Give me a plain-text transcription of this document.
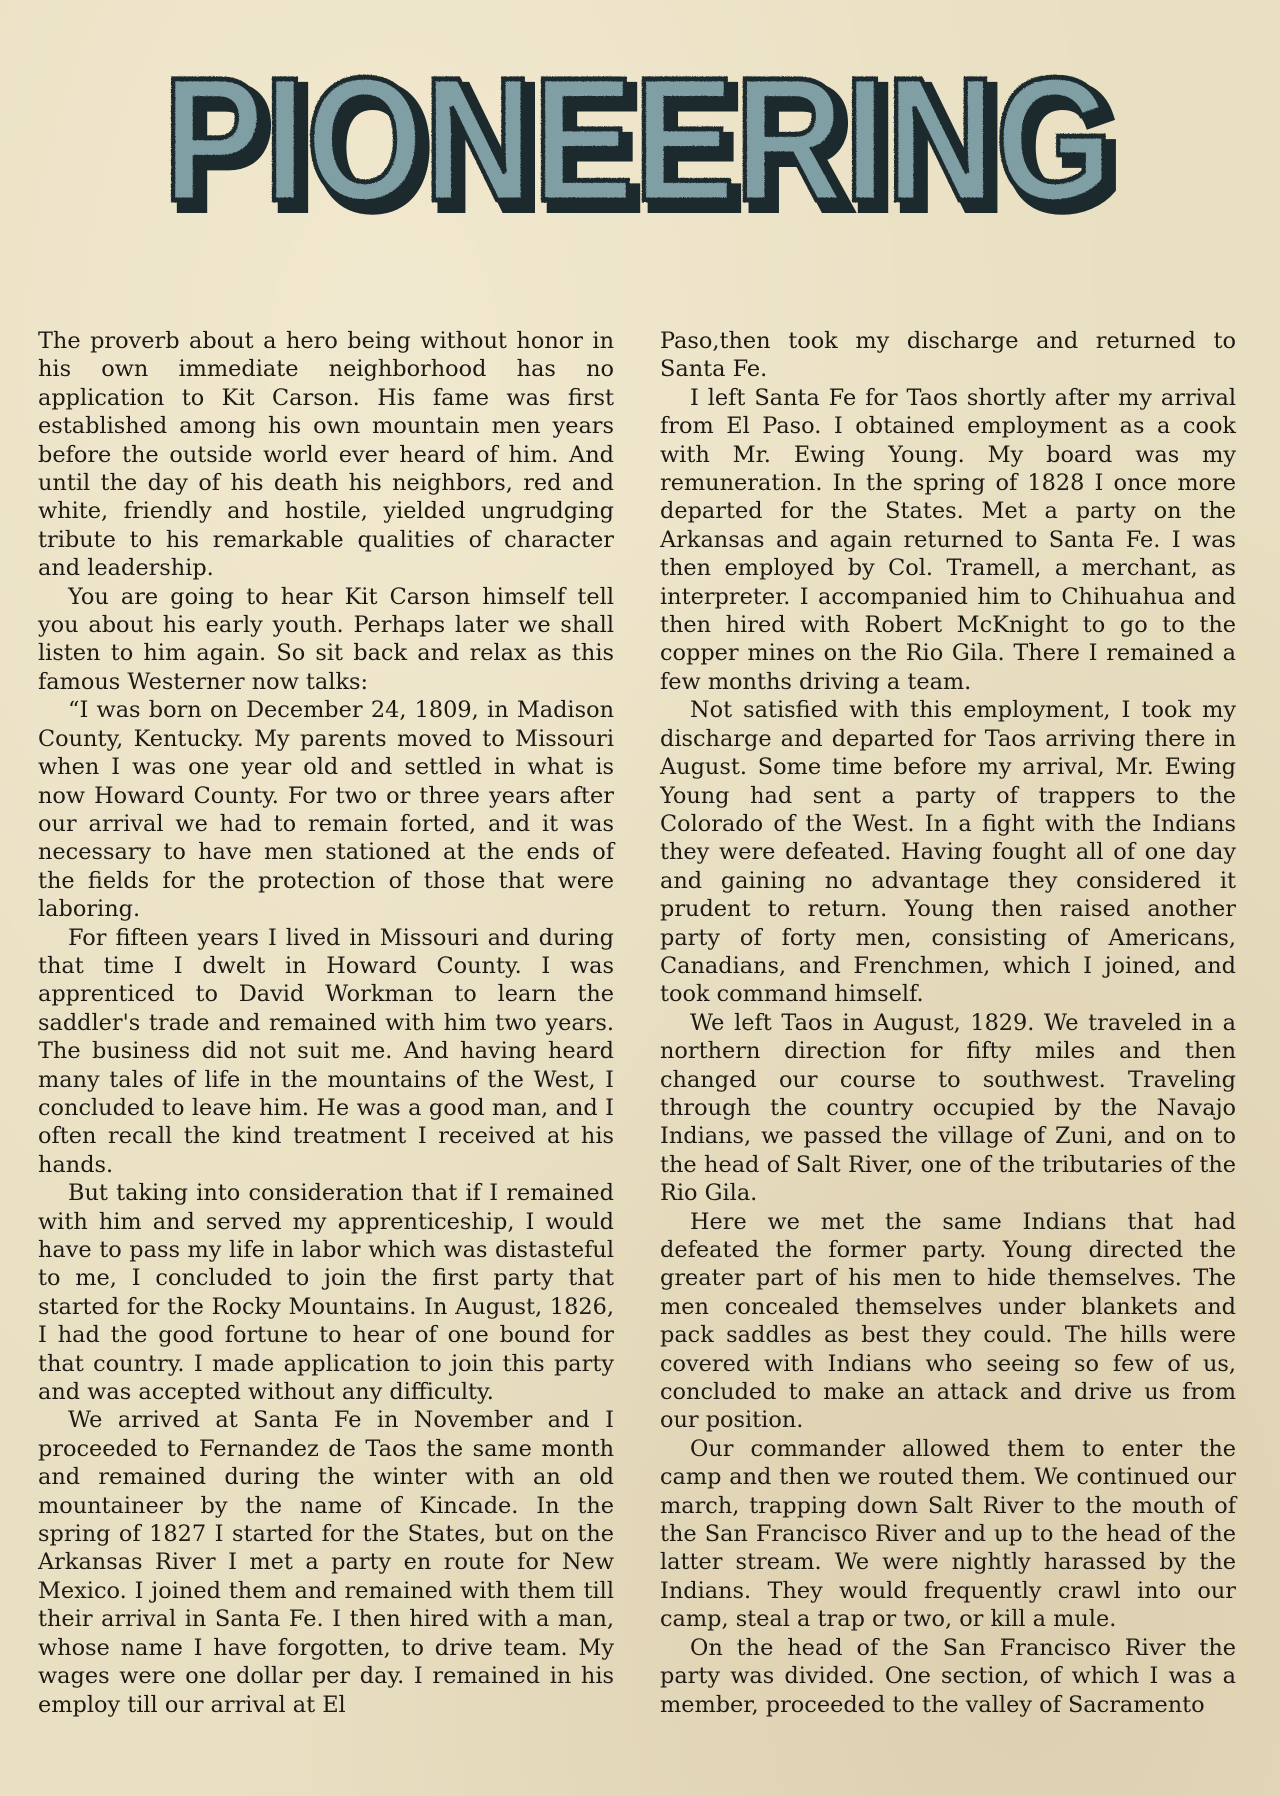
PIONEERING
PIONEERING

The proverb about a hero being without honor in his own immediate neighborhood has no application to Kit Carson. His fame was first established among his own mountain men years before the outside world ever heard of him. And until the day of his death his neighbors, red and white, friendly and hostile, yielded ungrudging tribute to his remarkable qualities of character and leadership.

You are going to hear Kit Carson himself tell you about his early youth. Perhaps later we shall listen to him again. So sit back and relax as this famous Westerner now talks:

“I was born on December 24, 1809, in Madison County, Kentucky. My parents moved to Missouri when I was one year old and settled in what is now Howard County. For two or three years after our arrival we had to remain forted, and it was necessary to have men stationed at the ends of the fields for the protection of those that were laboring.

For fifteen years I lived in Missouri and during that time I dwelt in Howard County. I was apprenticed to David Workman to learn the saddler's trade and remained with him two years. The business did not suit me. And having heard many tales of life in the mountains of the West, I concluded to leave him. He was a good man, and I often recall the kind treatment I received at his hands.

But taking into consideration that if I remained with him and served my apprenticeship, I would have to pass my life in labor which was distasteful to me, I concluded to join the first party that started for the Rocky Mountains. In August, 1826, I had the good fortune to hear of one bound for that country. I made application to join this party and was accepted without any difficulty.

We arrived at Santa Fe in November and I proceeded to Fernandez de Taos the same month and remained during the winter with an old mountaineer by the name of Kincade. In the spring of 1827 I started for the States, but on the Arkansas River I met a party en route for New Mexico. I joined them and remained with them till their arrival in Santa Fe. I then hired with a man, whose name I have forgotten, to drive team. My wages were one dollar per day. I remained in his employ till our arrival at El

Paso,then took my discharge and returned to Santa Fe.

I left Santa Fe for Taos shortly after my arrival from El Paso. I obtained employment as a cook with Mr. Ewing Young. My board was my remuneration. In the spring of 1828 I once more departed for the States. Met a party on the Arkansas and again returned to Santa Fe. I was then employed by Col. Tramell, a merchant, as interpreter. I accompanied him to Chihuahua and then hired with Robert McKnight to go to the copper mines on the Rio Gila. There I remained a few months driving a team.

Not satisfied with this employment, I took my discharge and departed for Taos arriving there in August. Some time before my arrival, Mr. Ewing Young had sent a party of trappers to the Colorado of the West. In a fight with the Indians they were defeated. Having fought all of one day and gaining no advantage they considered it prudent to return. Young then raised another party of forty men, consisting of Americans, Canadians, and Frenchmen, which I joined, and took command himself.

We left Taos in August, 1829. We traveled in a northern direction for fifty miles and then changed our course to southwest. Traveling through the country occupied by the Navajo Indians, we passed the village of Zuni, and on to the head of Salt River, one of the tributaries of the Rio Gila.

Here we met the same Indians that had defeated the former party. Young directed the greater part of his men to hide themselves. The men concealed themselves under blankets and pack saddles as best they could. The hills were covered with Indians who seeing so few of us, concluded to make an attack and drive us from our position.

Our commander allowed them to enter the camp and then we routed them. We continued our march, trapping down Salt River to the mouth of the San Francisco River and up to the head of the latter stream. We were nightly harassed by the Indians. They would frequently crawl into our camp, steal a trap or two, or kill a mule.

On the head of the San Francisco River the party was divided. One section, of which I was a member, proceeded to the valley of Sacramento
